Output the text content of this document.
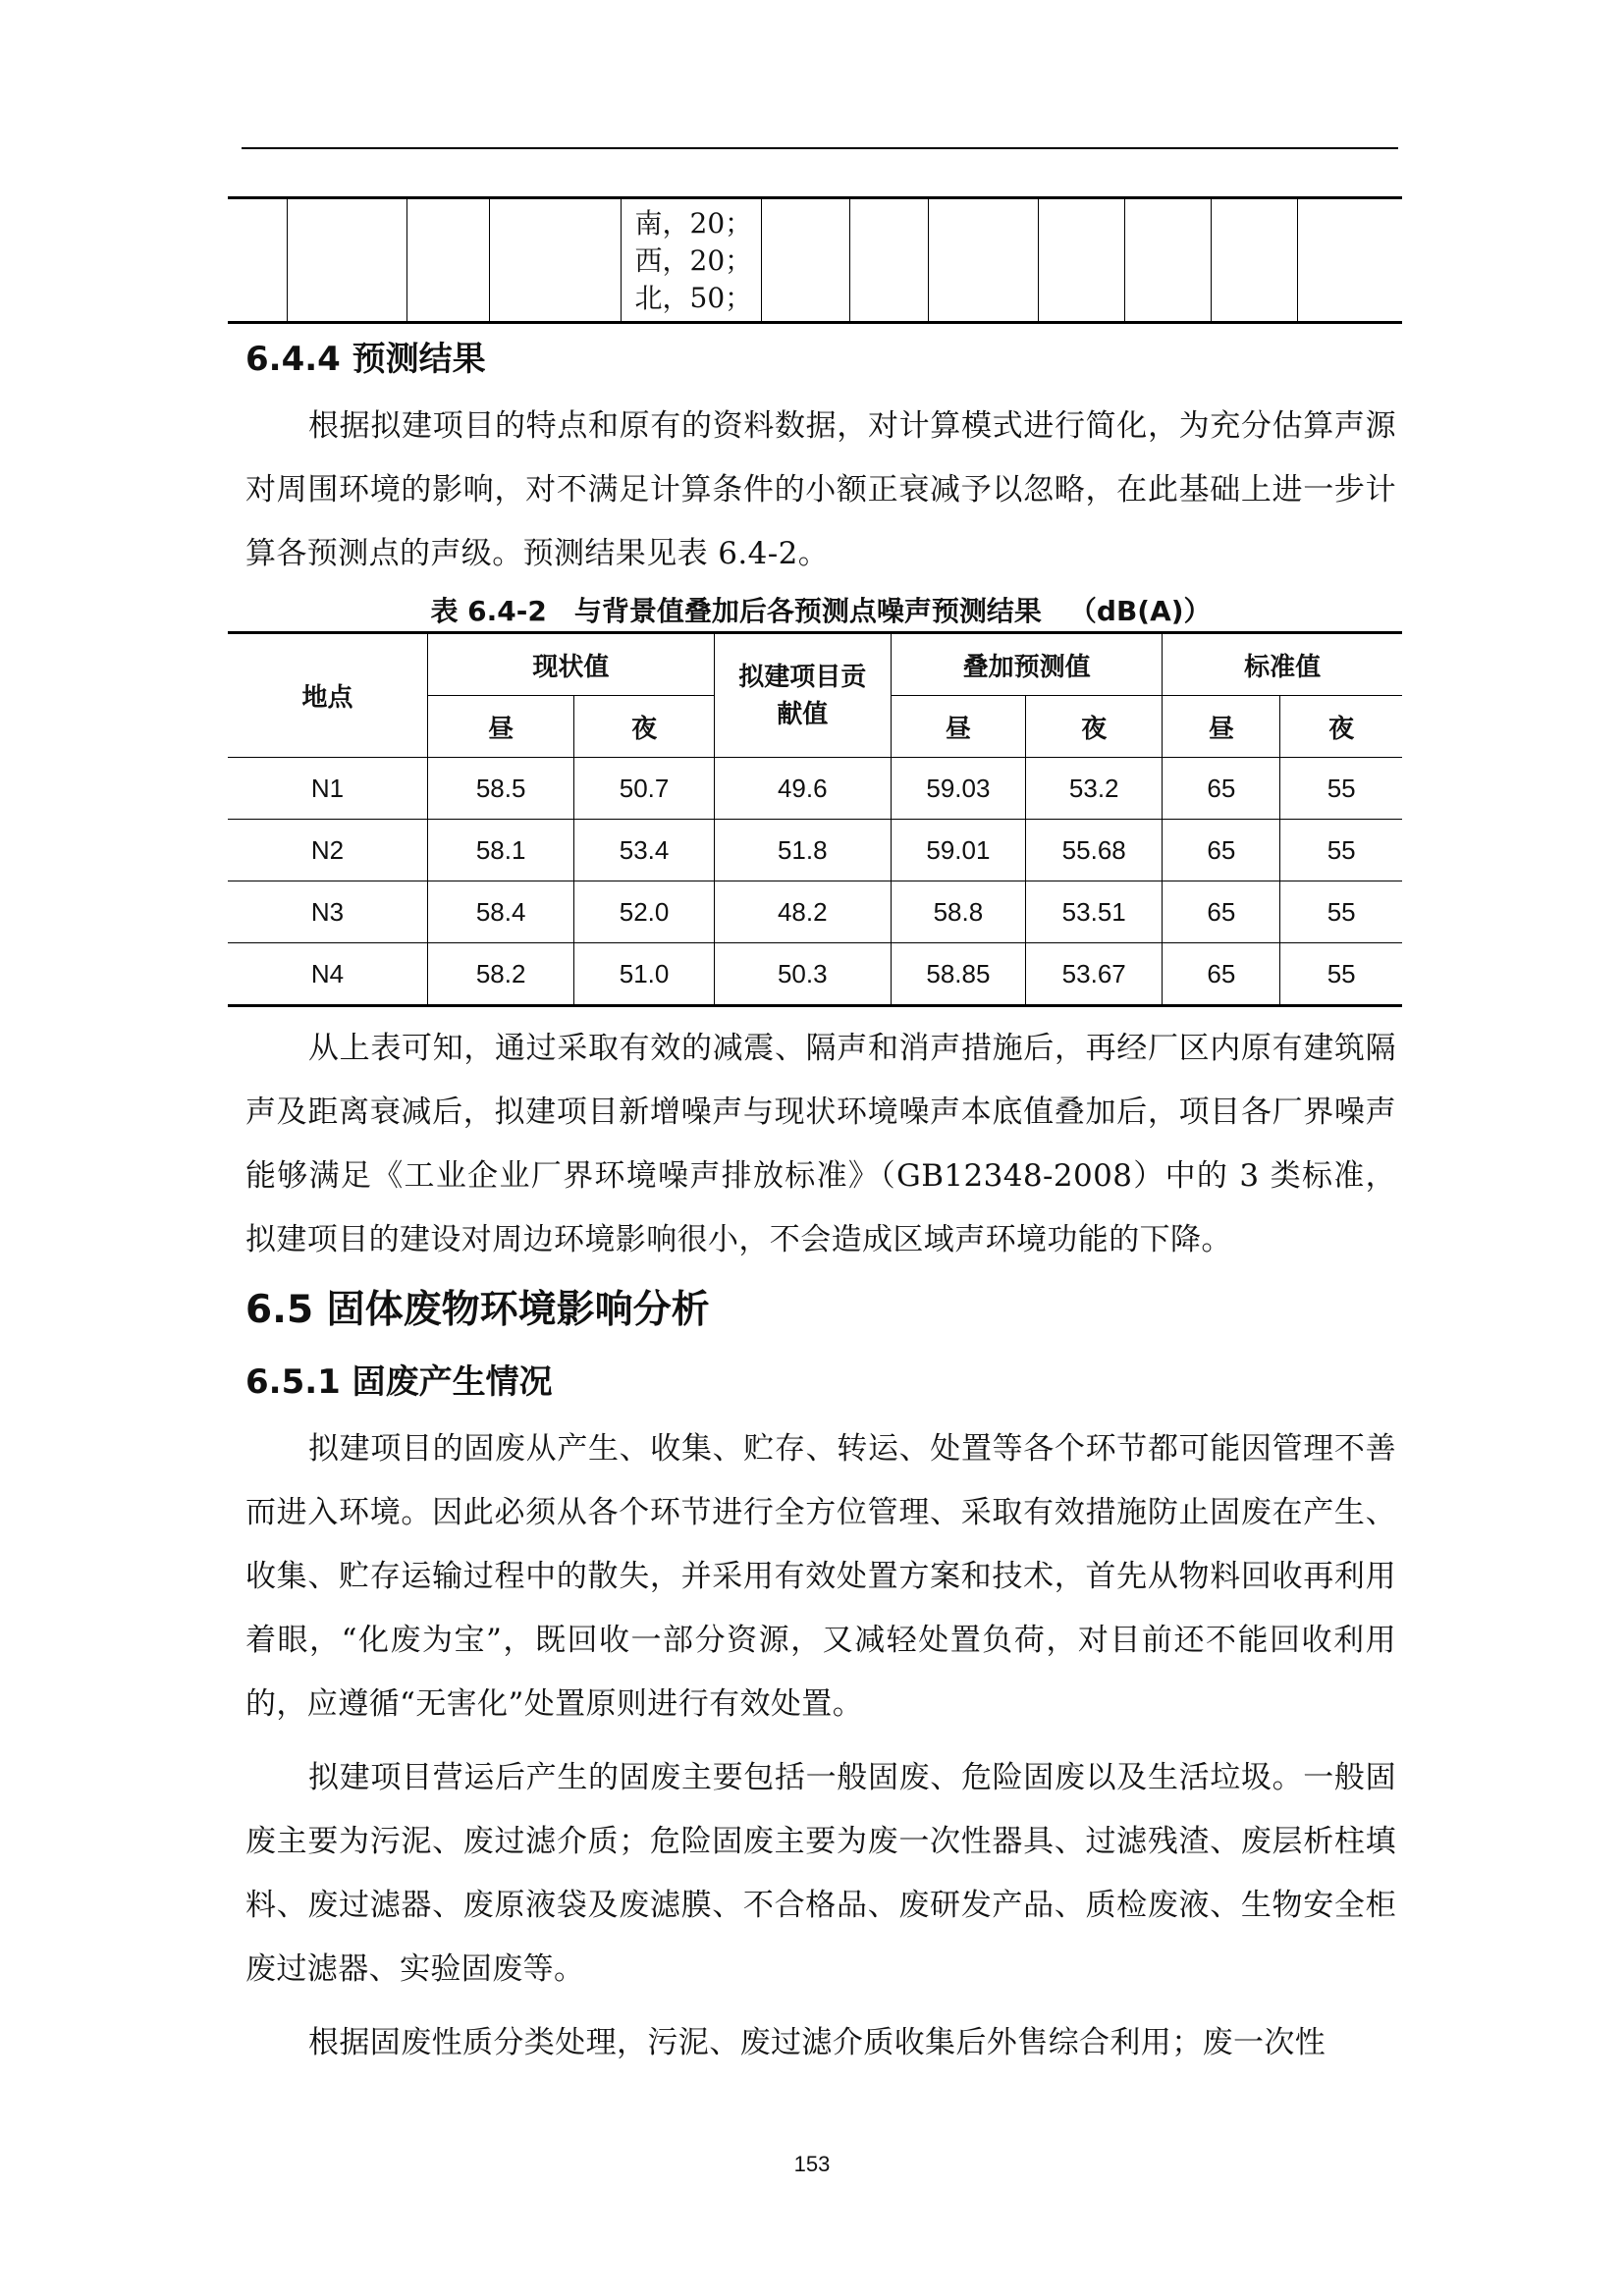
南，20；
西，20；
北，50；

6.4.4 预测结果

根据拟建项目的特点和原有的资料数据，对计算模式进行简化，为充分估算声源对周围环境的影响，对不满足计算条件的小额正衰减予以忽略，在此基础上进一步计算各预测点的声级。预测结果见表 6.4-2。

表 6.4-2　与背景值叠加后各预测点噪声预测结果 （dB(A)）
地点	现状值		拟建项目贡献值	叠加预测值		标准值	
	昼	夜		昼	夜	昼	夜
N1	58.5	50.7	49.6	59.03	53.2	65	55
N2	58.1	53.4	51.8	59.01	55.68	65	55
N3	58.4	52.0	48.2	58.8	53.51	65	55
N4	58.2	51.0	50.3	58.85	53.67	65	55

从上表可知，通过采取有效的减震、隔声和消声措施后，再经厂区内原有建筑隔声及距离衰减后，拟建项目新增噪声与现状环境噪声本底值叠加后，项目各厂界噪声能够满足《工业企业厂界环境噪声排放标准》（GB12348-2008）中的 3 类标准，拟建项目的建设对周边环境影响很小，不会造成区域声环境功能的下降。

6.5 固体废物环境影响分析
6.5.1 固废产生情况

拟建项目的固废从产生、收集、贮存、转运、处置等各个环节都可能因管理不善而进入环境。因此必须从各个环节进行全方位管理、采取有效措施防止固废在产生、收集、贮存运输过程中的散失，并采用有效处置方案和技术，首先从物料回收再利用着眼，“化废为宝”，既回收一部分资源，又减轻处置负荷，对目前还不能回收利用的，应遵循“无害化”处置原则进行有效处置。

拟建项目营运后产生的固废主要包括一般固废、危险固废以及生活垃圾。一般固废主要为污泥、废过滤介质；危险固废主要为废一次性器具、过滤残渣、废层析柱填料、废过滤器、废原液袋及废滤膜、不合格品、废研发产品、质检废液、生物安全柜废过滤器、实验固废等。

根据固废性质分类处理，污泥、废过滤介质收集后外售综合利用；废一次性

153
